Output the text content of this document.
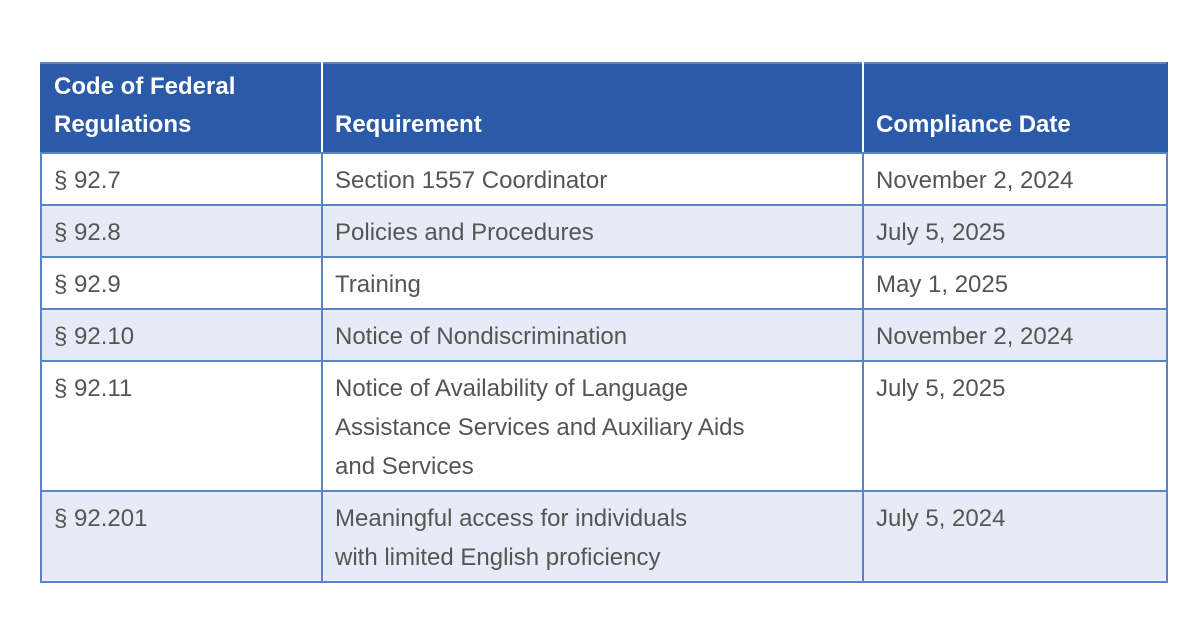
Code of Federal
Regulations	Requirement	Compliance Date
§ 92.7	Section 1557 Coordinator	November 2, 2024
§ 92.8	Policies and Procedures	July 5, 2025
§ 92.9	Training	May 1, 2025
§ 92.10	Notice of Nondiscrimination	November 2, 2024
§ 92.11	Notice of Availability of Language
Assistance Services and Auxiliary Aids
and Services	July 5, 2025
§ 92.201	Meaningful access for individuals
with limited English proficiency	July 5, 2024
